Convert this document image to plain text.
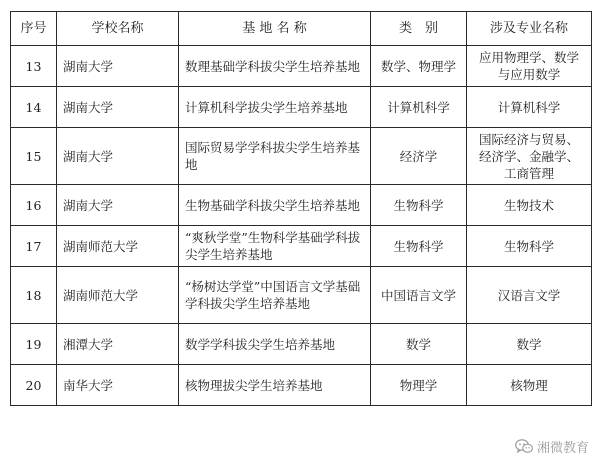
序号	学校名称	基 地 名 称	类　别	涉及专业名称
13	湖南大学	数理基础学科拔尖学生培养基地	数学、物理学	应用物理学、数学与应用数学
14	湖南大学	计算机科学拔尖学生培养基地	计算机科学	计算机科学
15	湖南大学	国际贸易学学科拔尖学生培养基地	经济学	国际经济与贸易、经济学、金融学、工商管理
16	湖南大学	生物基础学科拔尖学生培养基地	生物科学	生物技术
17	湖南师范大学	“爽秋学堂”生物科学基础学科拔尖学生培养基地	生物科学	生物科学
18	湖南师范大学	“杨树达学堂”中国语言文学基础学科拔尖学生培养基地	中国语言文学	汉语言文学
19	湘潭大学	数学学科拔尖学生培养基地	数学	数学
20	南华大学	核物理拔尖学生培养基地	物理学	核物理
湘微教育
